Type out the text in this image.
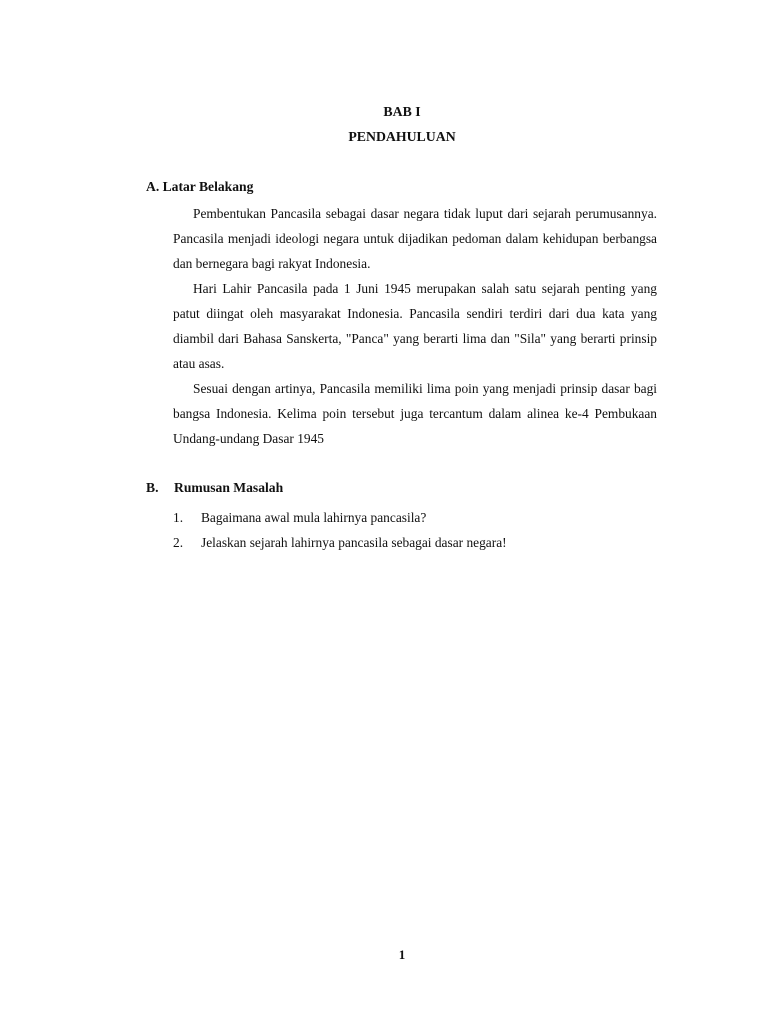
BAB I
PENDAHULUAN
A. Latar Belakang

Pembentukan Pancasila sebagai dasar negara tidak luput dari sejarah perumusannya. Pancasila menjadi ideologi negara untuk dijadikan pedoman dalam kehidupan berbangsa dan bernegara bagi rakyat Indonesia.

Hari Lahir Pancasila pada 1 Juni 1945 merupakan salah satu sejarah penting yang patut diingat oleh masyarakat Indonesia. Pancasila sendiri terdiri dari dua kata yang diambil dari Bahasa Sanskerta, "Panca" yang berarti lima dan "Sila" yang berarti prinsip atau asas.

Sesuai dengan artinya, Pancasila memiliki lima poin yang menjadi prinsip dasar bagi bangsa Indonesia. Kelima poin tersebut juga tercantum dalam alinea ke-4 Pembukaan Undang-undang Dasar 1945

B. Rumusan Masalah
1.	Bagaimana awal mula lahirnya pancasila?
2.	Jelaskan sejarah lahirnya pancasila sebagai dasar negara!
1
